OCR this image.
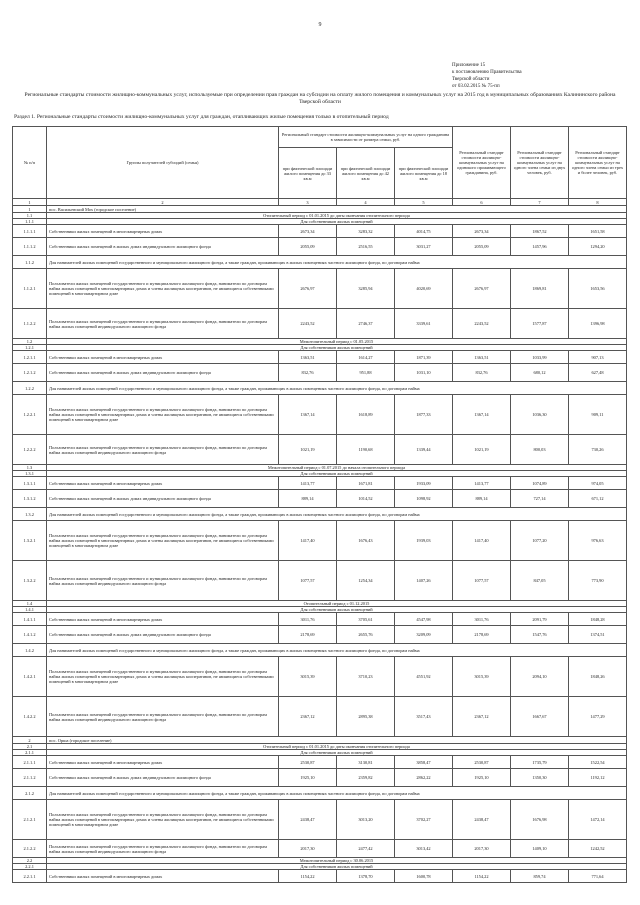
9
Приложение 15
к постановлению Правительства
Тверской области
от 03.02.2015 № 75-пп
Региональные стандарты стоимости жилищно-коммунальных услуг, используемые при определении прав граждан на субсидии на оплату жилого помещения и коммунальных услуг на 2015 год в муниципальных образованиях Калининского района Тверской области
Раздел 1. Региональные стандарты стоимости жилищно-коммунальных услуг для граждан, отапливающих жилые помещения только в отопительный период
№ п/п	Группы получателей субсидий (семья)	Региональный стандарт стоимости жилищно-коммунальных услуг на одного гражданина в зависимости от размера семьи, руб.			Региональный стандарт стоимости жилищно-коммунальных услуг на одинокого проживающего гражданина, руб.	Региональный стандарт стоимости жилищно-коммунальных услуг на одного члена семьи из двух человек, руб.	Региональный стандарт стоимости жилищно-коммунальных услуг на одного члена семьи из трех и более человек, руб.
		при фактической площади жилого помещения до 33 кв.м	при фактической площади жилого помещения до 42 кв.м	при фактической площади жилого помещения до 18 кв.м			
1	2	3	4	5	6	7	8
1	пос. Васильевский Мох (городское поселение)						
1.1	Отопительный период с 01.01.2015 до даты окончания отопительного периода						
1.1.1	Для собственников жилых помещений						
1.1.1.1	Собственники жилых помещений в многоквартирных домах	2673,34	3283,32	4014,75	2673,34	1867,52	1651,58
1.1.1.2	Собственники жилых помещений в жилых домах индивидуального жилищного фонда	2055,09	2516,55	3031,27	2055,09	1457,96	1294,20
1.1.2	Для нанимателей жилых помещений государственного и муниципального жилищного фонда, а также граждан, проживающих в жилых помещениях частного жилищного фонда, по договорам найма						
1.1.2.1	Пользователи жилых помещений государственного и муниципального жилищного фонда, наниматели по договорам найма жилых помещений в многоквартирных домах и члены жилищных кооперативов, не являющиеся собственниками помещений в многоквартирном доме	2676,97	3285,94	4020,69	2676,97	1869,81	1653,56
1.1.2.2	Пользователи жилых помещений государственного и муниципального жилищного фонда, наниматели по договорам найма жилых помещений индивидуального жилищного фонда	2243,52	2746,37	3339,61	2243,52	1577,87	1396,98
1.2	Межотопительный период с 01.05.2015						
1.2.1	Для собственников жилых помещений						
1.2.1.1	Собственники жилых помещений в многоквартирных домах	1363,51	1614,27	1871,39	1363,51	1033,99	907,13
1.2.1.2	Собственники жилых помещений в жилых домах индивидуального жилищного фонда	832,76	951,88	1031,10	832,76	680,12	627,48
1.2.2	Для нанимателей жилых помещений государственного и муниципального жилищного фонда, а также граждан, проживающих в жилых помещениях частного жилищного фонда, по договорам найма						
1.2.2.1	Пользователи жилых помещений государственного и муниципального жилищного фонда, наниматели по договорам найма жилых помещений в многоквартирных домах и члены жилищных кооперативов, не являющиеся собственниками помещений в многоквартирном доме	1367,14	1618,89	1877,33	1367,14	1036,30	909,11
1.2.2.2	Пользователи жилых помещений государственного и муниципального жилищного фонда, наниматели по договорам найма жилых помещений индивидуального жилищного фонда	1021,19	1190,68	1339,44	1021,19	800,03	730,26
1.3	Межотопительный период с 01.07.2015 до начала отопительного периода						
1.3.1	Для собственников жилых помещений						
1.3.1.1	Собственники жилых помещений в многоквартирных домах	1413,77	1671,81	1933,09	1413,77	1074,89	974,05
1.3.1.2	Собственники жилых помещений в жилых домах индивидуального жилищного фонда	889,14	1014,52	1098,92	889,14	727,14	671,12
1.3.2	Для нанимателей жилых помещений государственного и муниципального жилищного фонда, а также граждан, проживающих в жилых помещениях частного жилищного фонда, по договорам найма						
1.3.2.1	Пользователи жилых помещений государственного и муниципального жилищного фонда, наниматели по договорам найма жилых помещений в многоквартирных домах и члены жилищных кооперативов, не являющиеся собственниками помещений в многоквартирном доме	1417,40	1676,43	1939,03	1417,40	1077,20	976,63
1.3.2.2	Пользователи жилых помещений государственного и муниципального жилищного фонда, наниматели по договорам найма жилых помещений индивидуального жилищного фонда	1077,57	1254,34	1407,26	1077,57	847,05	773,90
1.4	Отопительный период с 01.12.2015						
1.4.1	Для собственников жилых помещений						
1.4.1.1	Собственники жилых помещений в многоквартирных домах	3011,76	3705,61	4547,98	3011,76	2091,79	1848,28
1.4.1.2	Собственники жилых помещений в жилых домах индивидуального жилищного фонда	2178,69	2655,76	3209,09	2178,69	1547,76	1374,51
1.4.2	Для нанимателей жилых помещений государственного и муниципального жилищного фонда, а также граждан, проживающих в жилых помещениях частного жилищного фонда, по договорам найма						
1.4.2.1	Пользователи жилых помещений государственного и муниципального жилищного фонда, наниматели по договорам найма жилых помещений в многоквартирных домах и члены жилищных кооперативов, не являющиеся собственниками помещений в многоквартирном доме	3015,39	3710,23	4551,92	3015,39	2094,10	1848,26
1.4.2.2	Пользователи жилых помещений государственного и муниципального жилищного фонда, наниматели по договорам найма жилых помещений индивидуального жилищного фонда	2367,12	2895,38	3517,43	2367,12	1667,67	1477,29
2	пос. Орша (городское поселение)						
2.1	Отопительный период с 01.01.2015 до даты окончания отопительного периода						
2.1.1	Для собственников жилых помещений						
2.1.1.1	Собственники жилых помещений в многоквартирных домах	2530,87	3130,81	3858,47	2530,87	1735,79	1522,54
2.1.1.2	Собственники жилых помещений в жилых домах индивидуального жилищного фонда	1925,10	2359,82	2862,22	1925,10	1350,30	1192,12
2.1.2	Для нанимателей жилых помещений государственного и муниципального жилищного фонда, а также граждан, проживающих в жилых помещениях частного жилищного фонда, по договорам найма						
2.1.2.1	Пользователи жилых помещений государственного и муниципального жилищного фонда, наниматели по договорам найма жилых помещений в многоквартирных домах и члены жилищных кооперативов, не являющиеся собственниками помещений в многоквартирном доме	2438,47	3013,20	3702,27	2438,47	1676,98	1472,14
2.1.2.2	Пользователи жилых помещений государственного и муниципального жилищного фонда, наниматели по договорам найма жилых помещений индивидуального жилищного фонда	2017,30	2477,42	3013,42	2017,30	1409,10	1242,52
2.2	Межотопительный период с 30.06.2015						
2.2.1	Для собственников жилых помещений						
2.2.1.1	Собственники жилых помещений в многоквартирных домах	1154,22	1378,70	1600,78	1154,22	859,74	771,64
